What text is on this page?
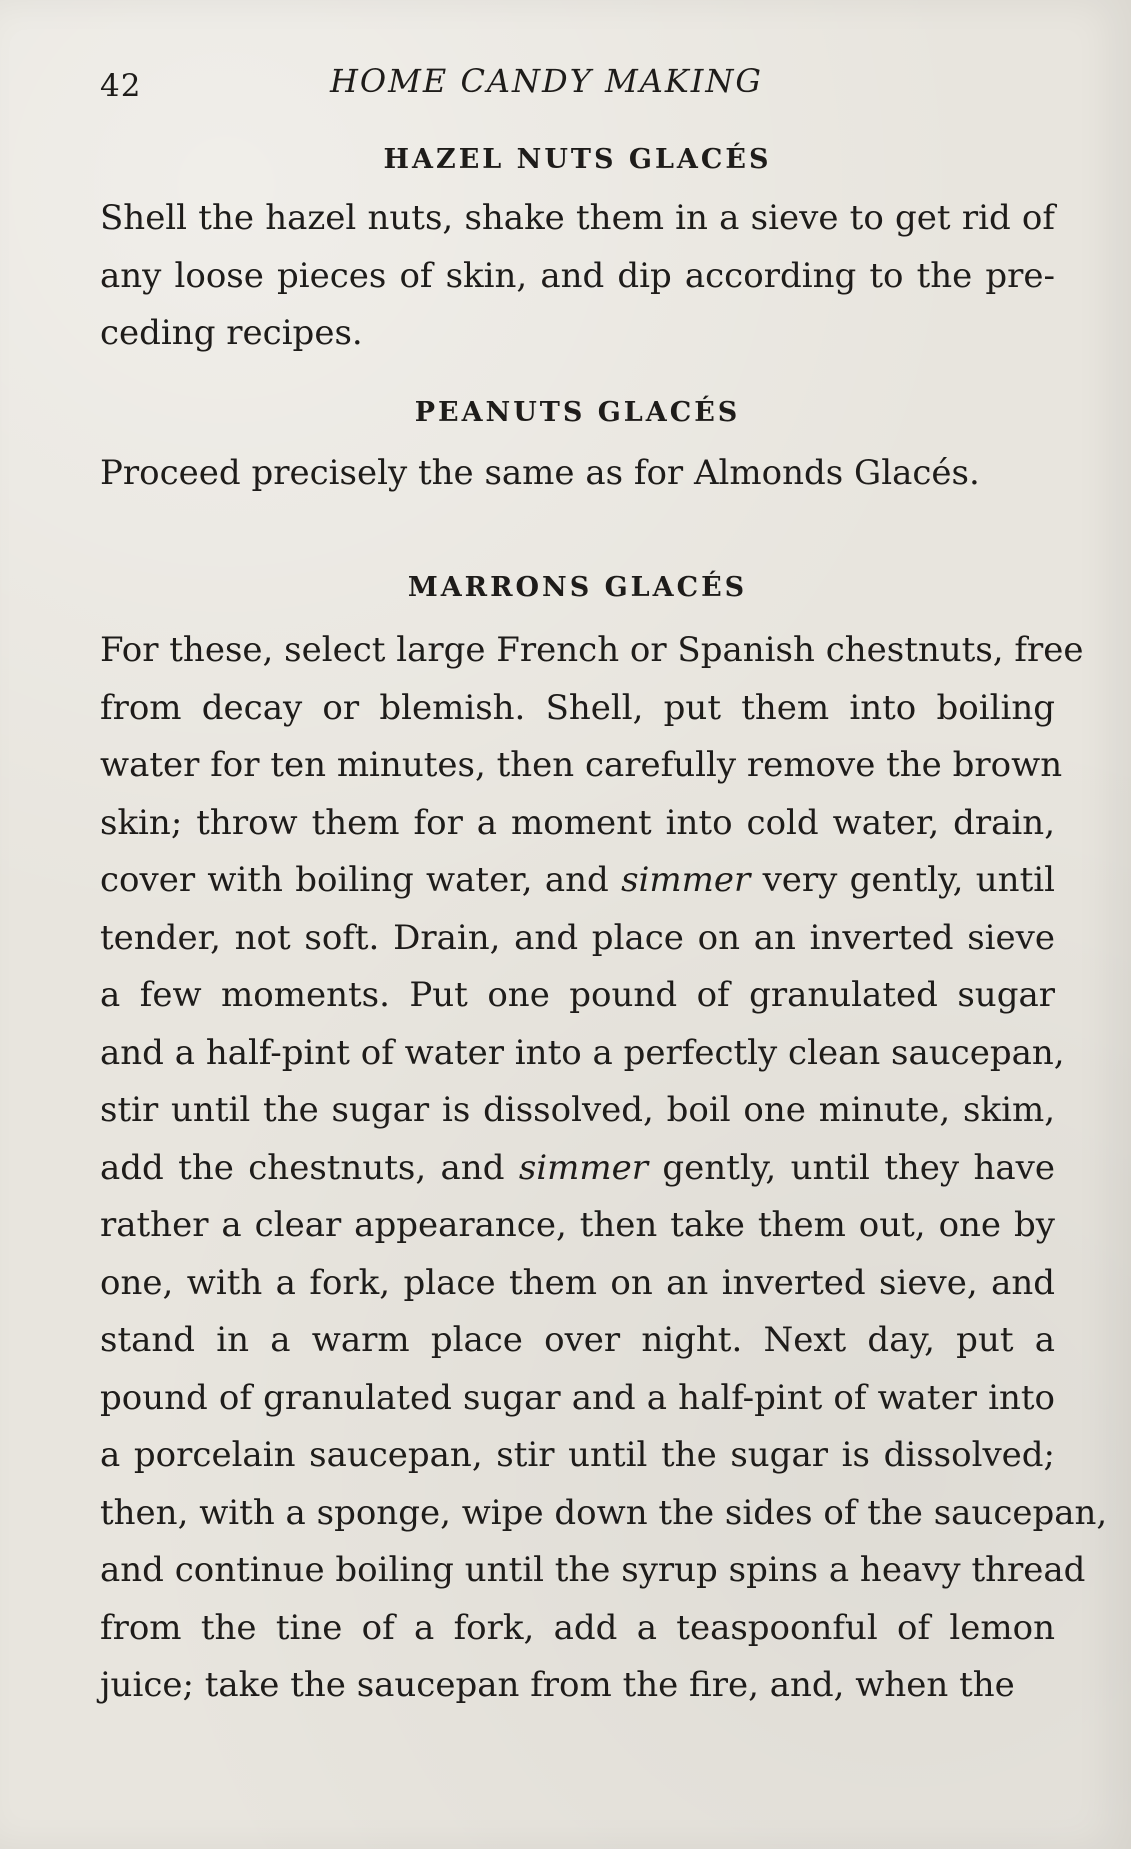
42	HOME CANDY MAKING
HAZEL NUTS GLACÉS

Shell the hazel nuts, shake them in a sieve to get rid of
any loose pieces of skin, and dip according to the pre-
ceding recipes.

PEANUTS GLACÉS

Proceed precisely the same as for Almonds Glacés.

MARRONS GLACÉS

For these, select large French or Spanish chestnuts, free
from decay or blemish. Shell, put them into boiling
water for ten minutes, then carefully remove the brown
skin; throw them for a moment into cold water, drain,
cover with boiling water, and simmer very gently, until
tender, not soft. Drain, and place on an inverted sieve
a few moments. Put one pound of granulated sugar
and a half-pint of water into a perfectly clean saucepan,
stir until the sugar is dissolved, boil one minute, skim,
add the chestnuts, and simmer gently, until they have
rather a clear appearance, then take them out, one by
one, with a fork, place them on an inverted sieve, and
stand in a warm place over night. Next day, put a
pound of granulated sugar and a half-pint of water into
a porcelain saucepan, stir until the sugar is dissolved;
then, with a sponge, wipe down the sides of the saucepan,
and continue boiling until the syrup spins a heavy thread
from the tine of a fork, add a teaspoonful of lemon
juice; take the saucepan from the fire, and, when the
